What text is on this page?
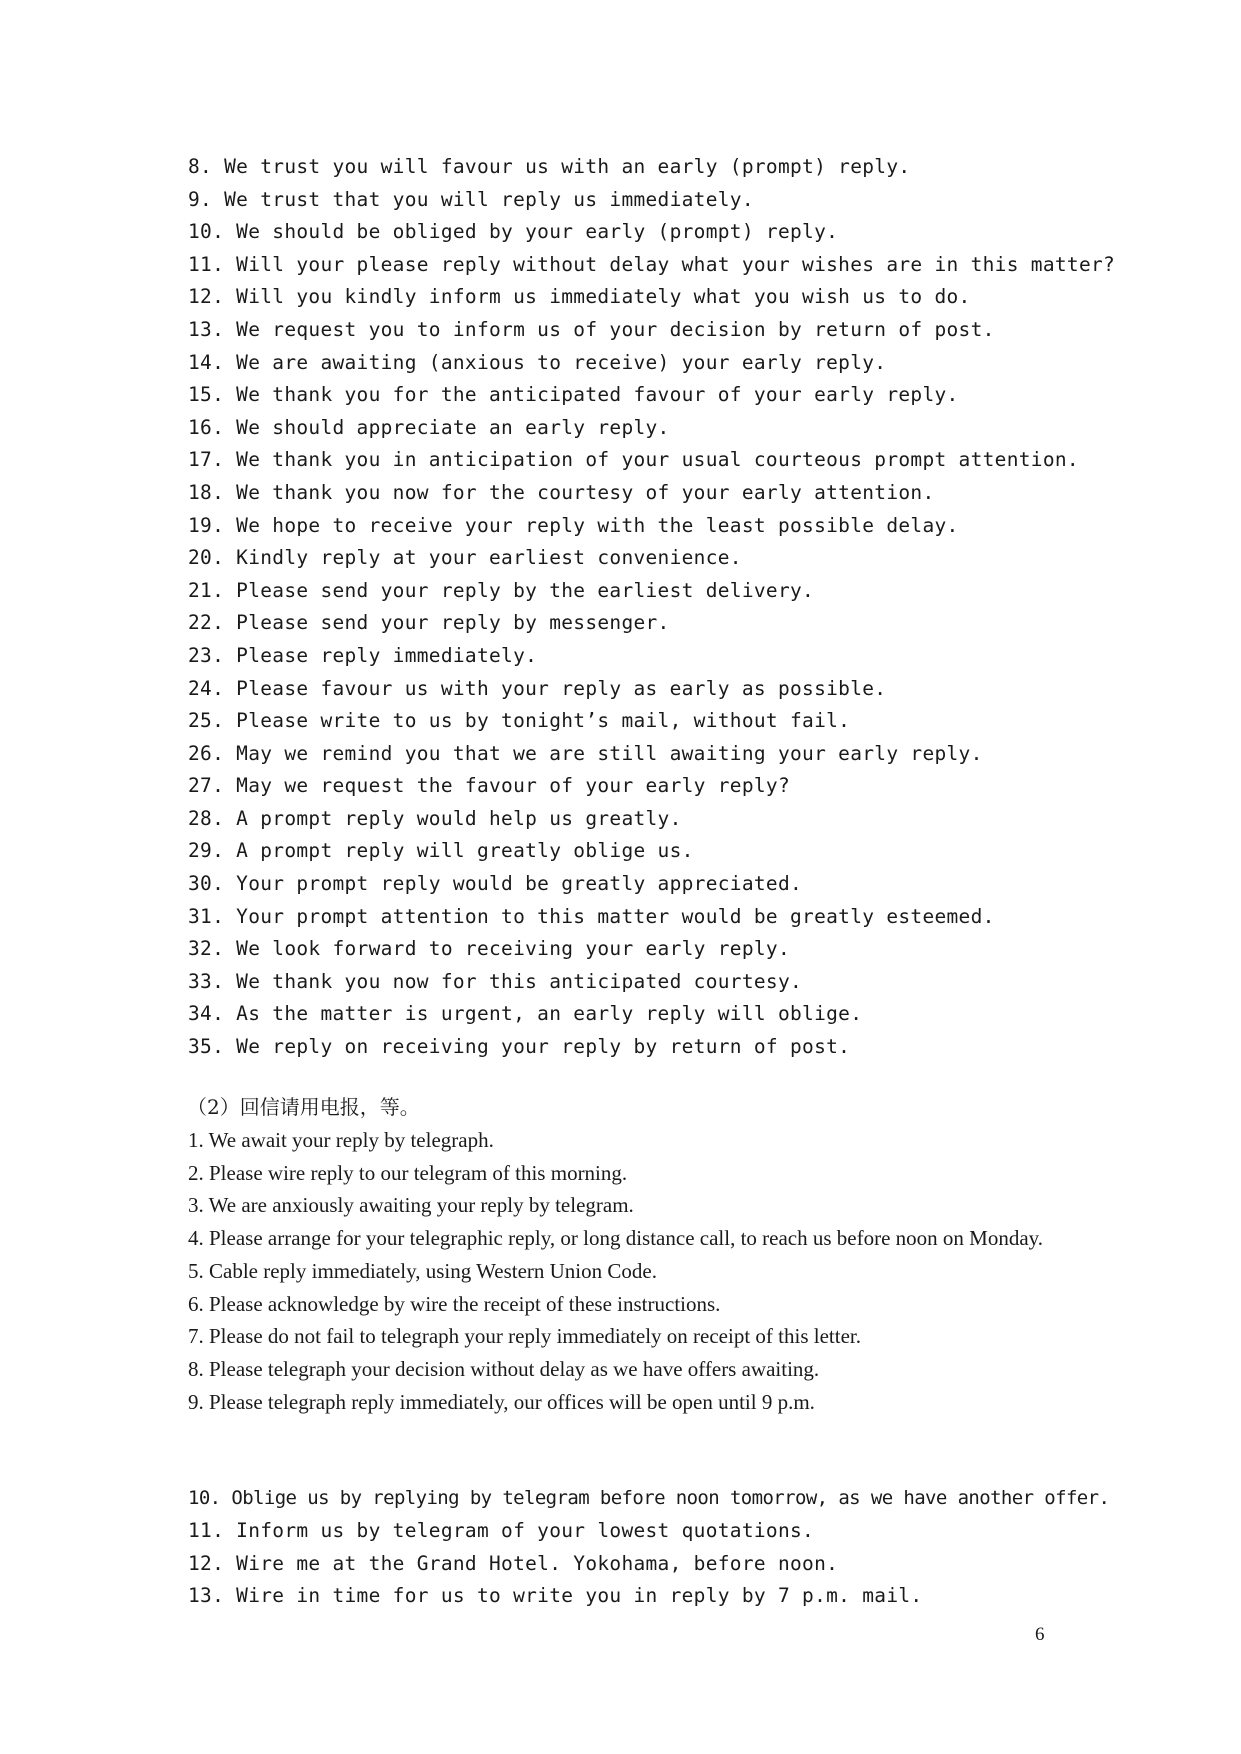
8. We trust you will favour us with an early (prompt) reply.
9. We trust that you will reply us immediately.
10. We should be obliged by your early (prompt) reply.
11. Will your please reply without delay what your wishes are in this matter?
12. Will you kindly inform us immediately what you wish us to do.
13. We request you to inform us of your decision by return of post.
14. We are awaiting (anxious to receive) your early reply.
15. We thank you for the anticipated favour of your early reply.
16. We should appreciate an early reply.
17. We thank you in anticipation of your usual courteous prompt attention.
18. We thank you now for the courtesy of your early attention.
19. We hope to receive your reply with the least possible delay.
20. Kindly reply at your earliest convenience.
21. Please send your reply by the earliest delivery.
22. Please send your reply by messenger.
23. Please reply immediately.
24. Please favour us with your reply as early as possible.
25. Please write to us by tonight’s mail, without fail.
26. May we remind you that we are still awaiting your early reply.
27. May we request the favour of your early reply?
28. A prompt reply would help us greatly.
29. A prompt reply will greatly oblige us.
30. Your prompt reply would be greatly appreciated.
31. Your prompt attention to this matter would be greatly esteemed.
32. We look forward to receiving your early reply.
33. We thank you now for this anticipated courtesy.
34. As the matter is urgent, an early reply will oblige.
35. We reply on receiving your reply by return of post.
（2）回信请用电报，等。
1. We await your reply by telegraph.
2. Please wire reply to our telegram of this morning.
3. We are anxiously awaiting your reply by telegram.
4. Please arrange for your telegraphic reply, or long distance call, to reach us before noon on Monday.
5. Cable reply immediately, using Western Union Code.
6. Please acknowledge by wire the receipt of these instructions.
7. Please do not fail to telegraph your reply immediately on receipt of this letter.
8. Please telegraph your decision without delay as we have offers awaiting.
9. Please telegraph reply immediately, our offices will be open until 9 p.m.
10. Oblige us by replying by telegram before noon tomorrow, as we have another offer.
11. Inform us by telegram of your lowest quotations.
12. Wire me at the Grand Hotel. Yokohama, before noon.
13. Wire in time for us to write you in reply by 7 p.m. mail.
6
